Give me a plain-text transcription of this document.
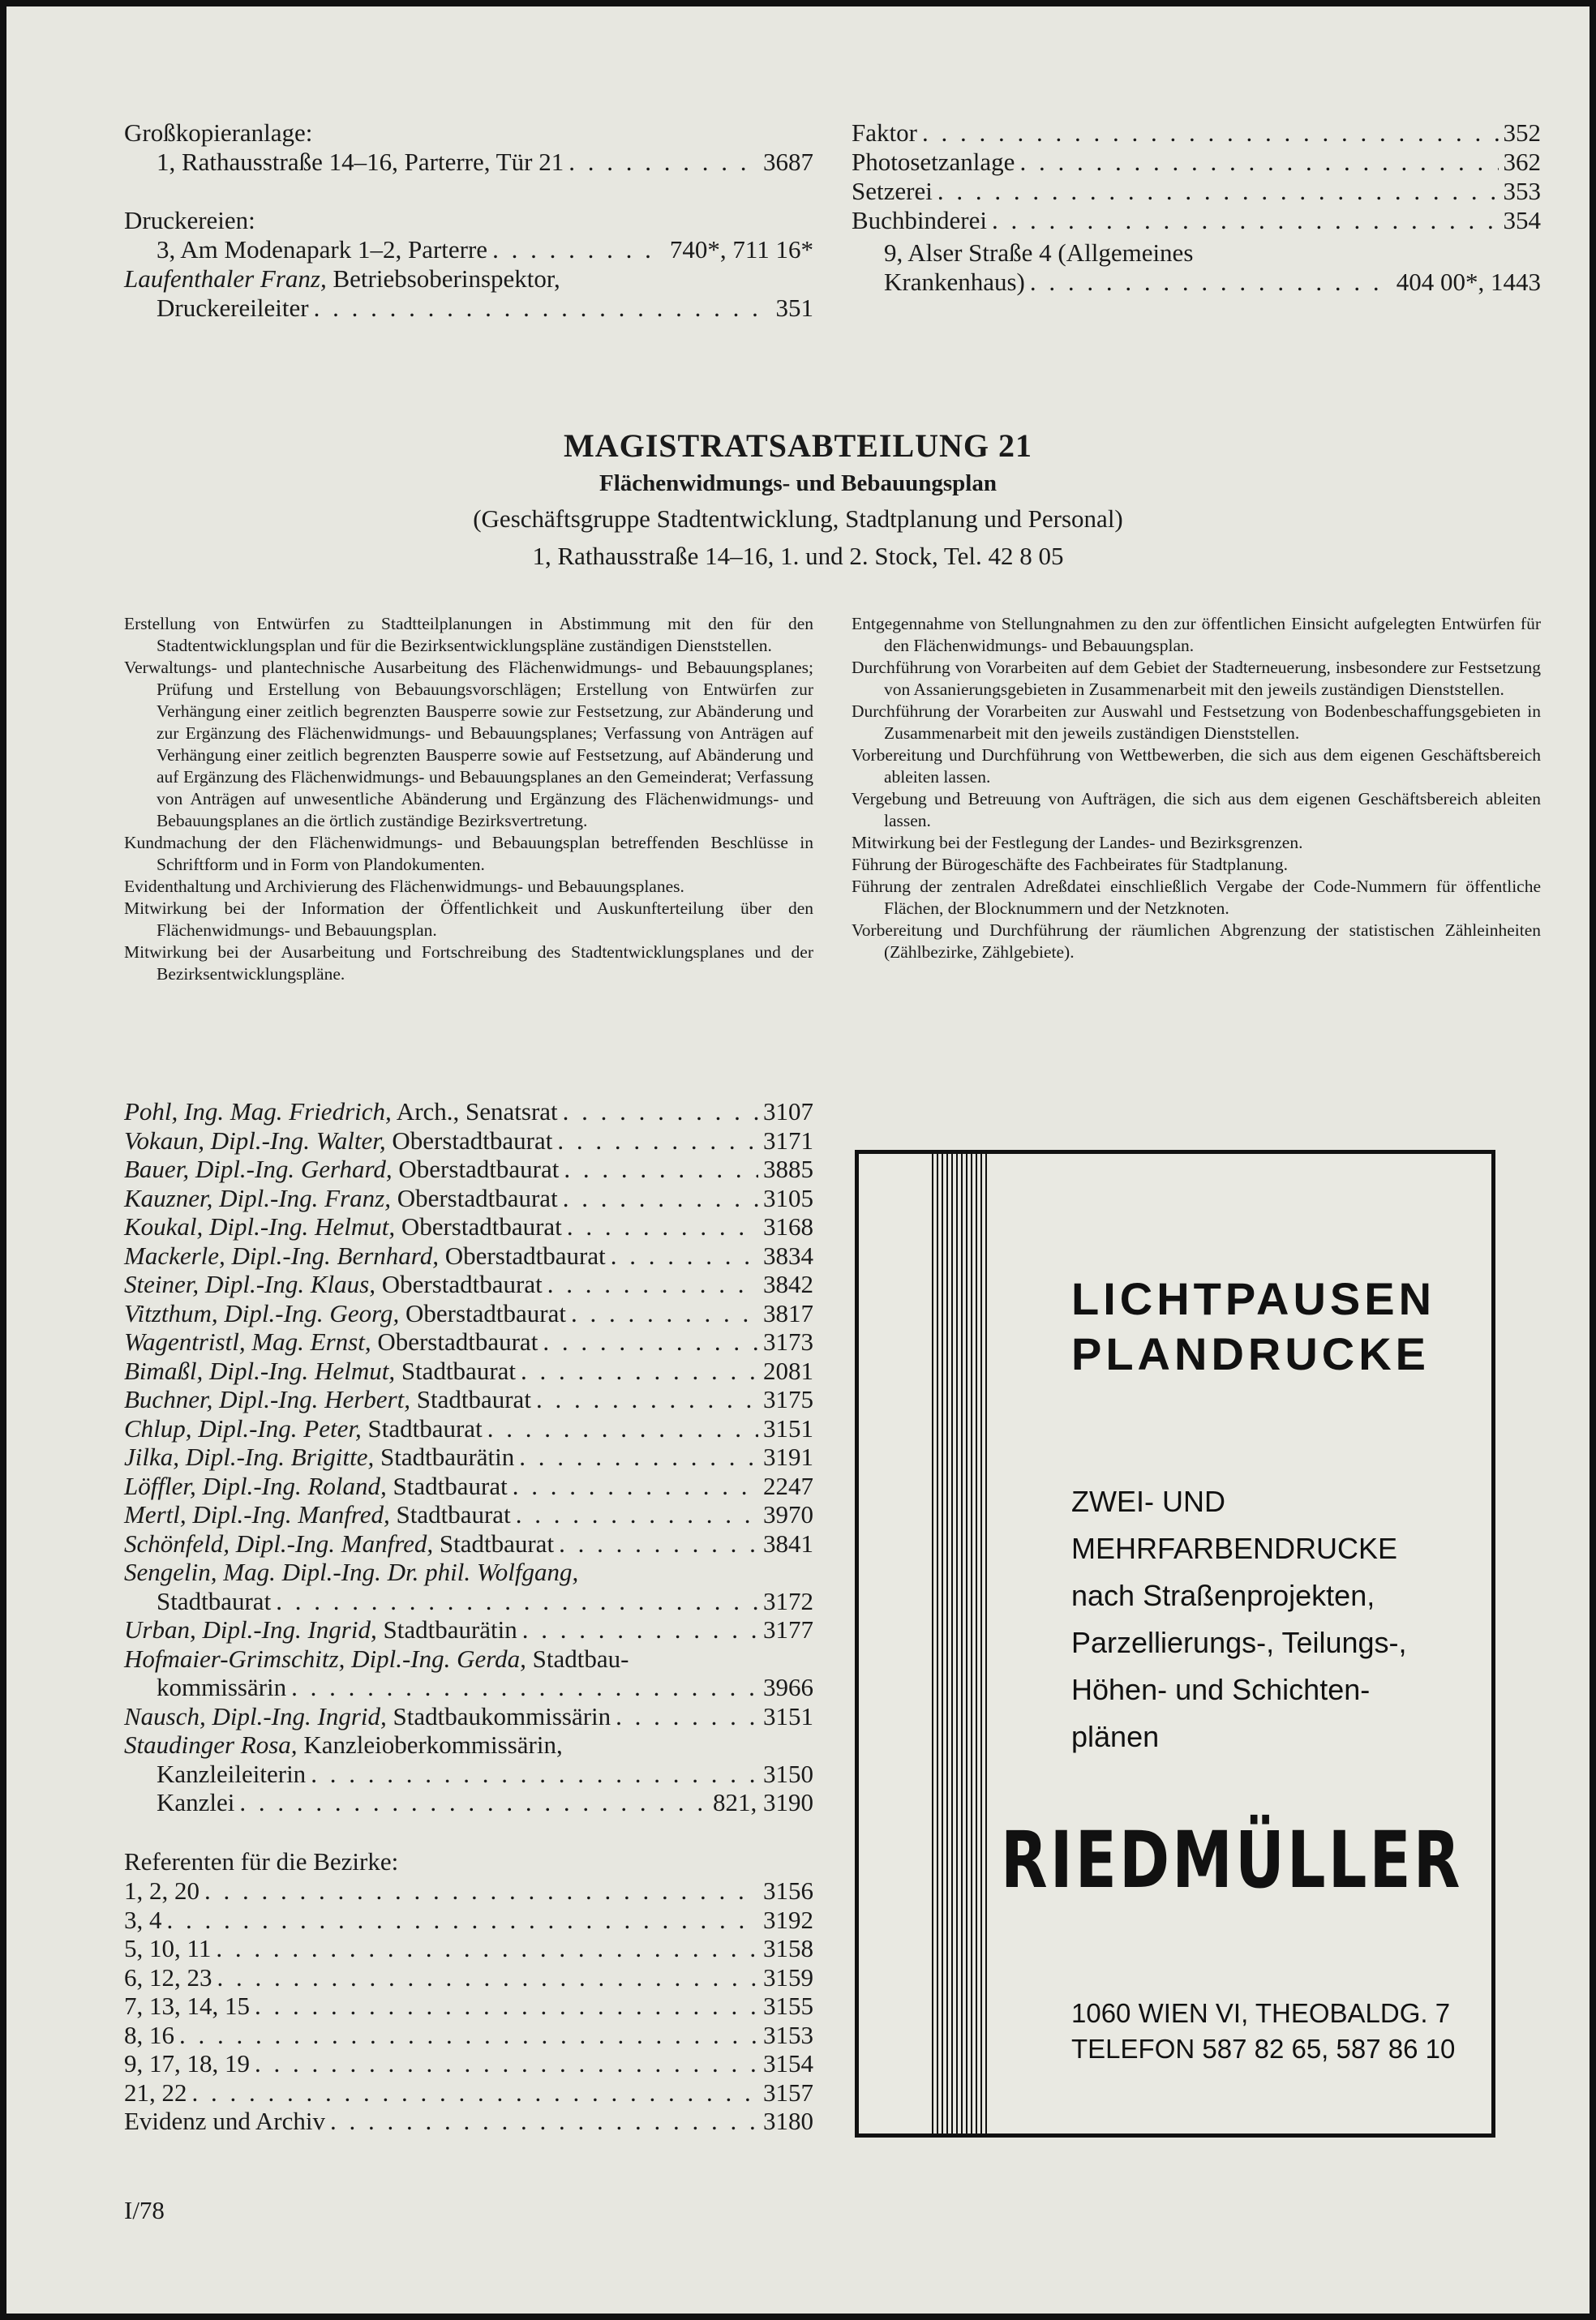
Großkopieranlage:
1, Rathausstraße 14–16, Parterre, Tür 21 . . .	3687
Druckereien:
3, Am Modenapark 1–2, Parterre . . .	740*, 711 16*
Laufenthaler Franz, Betriebsoberinspektor,
Druckereileiter . . .	351
Faktor . . .	352
Photosetzanlage . . .	362
Setzerei . . .	353
Buchbinderei . . .	354
9, Alser Straße 4 (Allgemeines
Krankenhaus) . . .	404 00*, 1443
MAGISTRATSABTEILUNG 21
Flächenwidmungs- und Bebauungsplan
(Geschäftsgruppe Stadtentwicklung, Stadtplanung und Personal)
1, Rathausstraße 14–16, 1. und 2. Stock, Tel. 42 8 05

Erstellung von Entwürfen zu Stadtteilplanungen in Abstimmung mit den für den Stadtentwicklungsplan und für die Bezirksentwicklungspläne zuständigen Dienststellen.

Verwaltungs- und plantechnische Ausarbeitung des Flächenwidmungs- und Bebauungsplanes; Prüfung und Erstellung von Bebauungsvorschlägen; Erstellung von Entwürfen zur Verhängung einer zeitlich begrenzten Bausperre sowie zur Festsetzung, zur Abänderung und zur Ergänzung des Flächenwidmungs- und Bebauungsplanes; Verfassung von Anträgen auf Verhängung einer zeitlich begrenzten Bausperre sowie auf Festsetzung, auf Abänderung und auf Ergänzung des Flächenwidmungs- und Bebauungsplanes an den Gemeinderat; Verfassung von Anträgen auf unwesentliche Abänderung und Ergänzung des Flächenwidmungs- und Bebauungsplanes an die örtlich zuständige Bezirksvertretung.

Kundmachung der den Flächenwidmungs- und Bebauungsplan betreffenden Beschlüsse in Schriftform und in Form von Plandokumenten.

Evidenthaltung und Archivierung des Flächenwidmungs- und Bebauungsplanes.

Mitwirkung bei der Information der Öffentlichkeit und Auskunfterteilung über den Flächenwidmungs- und Bebauungsplan.

Mitwirkung bei der Ausarbeitung und Fortschreibung des Stadtentwicklungsplanes und der Bezirksentwicklungspläne.

Entgegennahme von Stellungnahmen zu den zur öffentlichen Einsicht aufgelegten Entwürfen für den Flächenwidmungs- und Bebauungsplan.

Durchführung von Vorarbeiten auf dem Gebiet der Stadterneuerung, insbesondere zur Festsetzung von Assanierungsgebieten in Zusammenarbeit mit den jeweils zuständigen Dienststellen.

Durchführung der Vorarbeiten zur Auswahl und Festsetzung von Bodenbeschaffungsgebieten in Zusammenarbeit mit den jeweils zuständigen Dienststellen.

Vorbereitung und Durchführung von Wettbewerben, die sich aus dem eigenen Geschäftsbereich ableiten lassen.

Vergebung und Betreuung von Aufträgen, die sich aus dem eigenen Geschäftsbereich ableiten lassen.

Mitwirkung bei der Festlegung der Landes- und Bezirksgrenzen.

Führung der Bürogeschäfte des Fachbeirates für Stadtplanung.

Führung der zentralen Adreßdatei einschließlich Vergabe der Code-Nummern für öffentliche Flächen, der Blocknummern und der Netzknoten.

Vorbereitung und Durchführung der räumlichen Abgrenzung der statistischen Zähleinheiten (Zählbezirke, Zählgebiete).

Pohl, Ing. Mag. Friedrich, Arch., Senatsrat . . .	3107
Vokaun, Dipl.-Ing. Walter, Oberstadtbaurat . . .	3171
Bauer, Dipl.-Ing. Gerhard, Oberstadtbaurat . . .	3885
Kauzner, Dipl.-Ing. Franz, Oberstadtbaurat . . .	3105
Koukal, Dipl.-Ing. Helmut, Oberstadtbaurat . . .	3168
Mackerle, Dipl.-Ing. Bernhard, Oberstadtbaurat . . .	3834
Steiner, Dipl.-Ing. Klaus, Oberstadtbaurat . . .	3842
Vitzthum, Dipl.-Ing. Georg, Oberstadtbaurat . . .	3817
Wagentristl, Mag. Ernst, Oberstadtbaurat . . .	3173
Bimaßl, Dipl.-Ing. Helmut, Stadtbaurat . . .	2081
Buchner, Dipl.-Ing. Herbert, Stadtbaurat . . .	3175
Chlup, Dipl.-Ing. Peter, Stadtbaurat . . .	3151
Jilka, Dipl.-Ing. Brigitte, Stadtbaurätin . . .	3191
Löffler, Dipl.-Ing. Roland, Stadtbaurat . . .	2247
Mertl, Dipl.-Ing. Manfred, Stadtbaurat . . .	3970
Schönfeld, Dipl.-Ing. Manfred, Stadtbaurat . . .	3841
Sengelin, Mag. Dipl.-Ing. Dr. phil. Wolfgang,
Stadtbaurat . . .	3172
Urban, Dipl.-Ing. Ingrid, Stadtbaurätin . . .	3177
Hofmaier-Grimschitz, Dipl.-Ing. Gerda, Stadtbau-
kommissärin . . .	3966
Nausch, Dipl.-Ing. Ingrid, Stadtbaukommissärin . . .	3151
Staudinger Rosa, Kanzleioberkommissärin,
Kanzleileiterin . . .	3150
Kanzlei . . .	821, 3190
Referenten für die Bezirke:
1, 2, 20 . . .	3156
3, 4 . . .	3192
5, 10, 11 . . .	3158
6, 12, 23 . . .	3159
7, 13, 14, 15 . . .	3155
8, 16 . . .	3153
9, 17, 18, 19 . . .	3154
21, 22 . . .	3157
Evidenz und Archiv . . .	3180
I/78
LICHTPAUSEN
PLANDRUCKE
ZWEI- UND
MEHRFARBENDRUCKE
nach Straßenprojekten,
Parzellierungs-, Teilungs-,
Höhen- und Schichten-
plänen
RIEDMÜLLER
1060 WIEN VI, THEOBALDG. 7
TELEFON 587 82 65, 587 86 10
